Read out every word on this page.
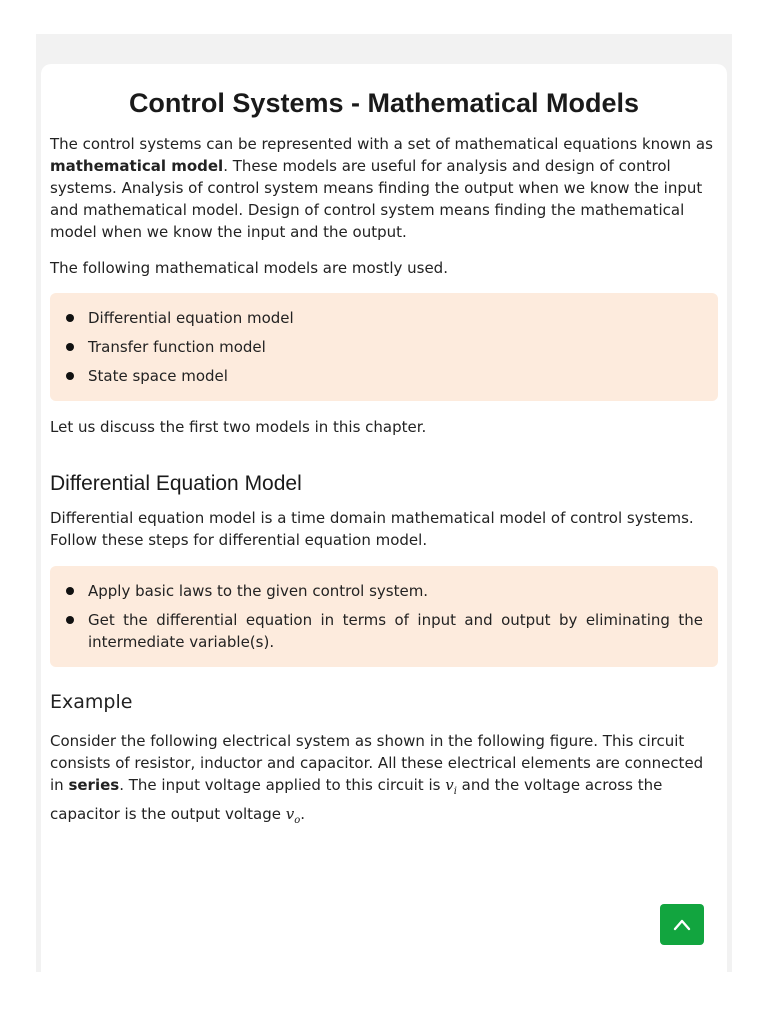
Control Systems - Mathematical Models

The control systems can be represented with a set of mathematical equations known as mathematical model. These models are useful for analysis and design of control systems. Analysis of control system means finding the output when we know the input and mathematical model. Design of control system means finding the mathematical model when we know the input and the output.

The following mathematical models are mostly used.

Differential equation model
Transfer function model
State space model

Let us discuss the first two models in this chapter.

Differential Equation Model

Differential equation model is a time domain mathematical model of control systems. Follow these steps for differential equation model.

Apply basic laws to the given control system.
Get the differential equation in terms of input and output by eliminating the intermediate variable(s).
Example

Consider the following electrical system as shown in the following figure. This circuit consists of resistor, inductor and capacitor. All these electrical elements are connected in series. The input voltage applied to this circuit is $v_i$ and the voltage across the capacitor is the output voltage $v_o$.
